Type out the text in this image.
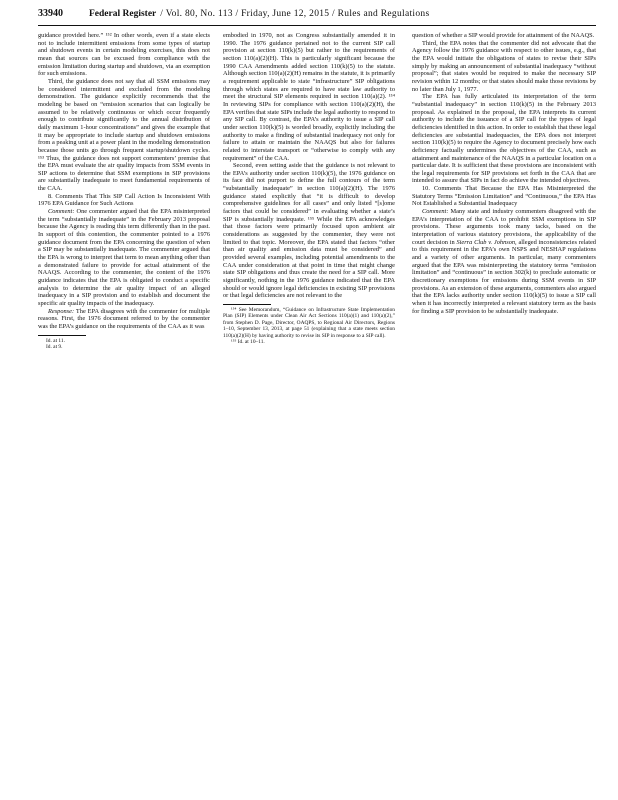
33940	Federal Register / Vol. 80, No. 113 / Friday, June 12, 2015 / Rules and Regulations

guidance provided here.” ¹⁵² In other words, even if a state elects not to include intermittent emissions from some types of startup and shutdown events in certain modeling exercises, this does not mean that sources can be excused from compliance with the emission limitation during startup and shutdown, via an exemption for such emissions.

Third, the guidance does not say that all SSM emissions may be considered intermittent and excluded from the modeling demonstration. The guidance explicitly recommends that the modeling be based on “emission scenarios that can logically be assumed to be relatively continuous or which occur frequently enough to contribute significantly to the annual distribution of daily maximum 1-hour concentrations” and gives the example that it may be appropriate to include startup and shutdown emissions from a peaking unit at a power plant in the modeling demonstration because those units go through frequent startup/shutdown cycles. ¹⁵³ Thus, the guidance does not support commenters’ premise that the EPA must evaluate the air quality impacts from SSM events in SIP actions to determine that SSM exemptions in SIP provisions are substantially inadequate to meet fundamental requirements of the CAA.

8. Comments That This SIP Call Action Is Inconsistent With 1976 EPA Guidance for Such Actions

Comment: One commenter argued that the EPA misinterpreted the term “substantially inadequate” in the February 2013 proposal because the Agency is reading this term differently than in the past. In support of this contention, the commenter pointed to a 1976 guidance document from the EPA concerning the question of when a SIP may be substantially inadequate. The commenter argued that the EPA is wrong to interpret that term to mean anything other than a demonstrated failure to provide for actual attainment of the NAAQS. According to the commenter, the content of the 1976 guidance indicates that the EPA is obligated to conduct a specific analysis to determine the air quality impact of an alleged inadequacy in a SIP provision and to establish and document the specific air quality impacts of the inadequacy.

Response: The EPA disagrees with the commenter for multiple reasons. First, the 1976 document referred to by the commenter was the EPA’s guidance on the requirements of the CAA as it was

Id. at 11.

Id. at 9.

embodied in 1970, not as Congress substantially amended it in 1990. The 1976 guidance pertained not to the current SIP call provision at section 110(k)(5) but rather to the requirements of section 110(a)(2)(H). This is particularly significant because the 1990 CAA Amendments added section 110(k)(5) to the statute. Although section 110(a)(2)(H) remains in the statute, it is primarily a requirement applicable to state “infrastructure” SIP obligations through which states are required to have state law authority to meet the structural SIP elements required in section 110(a)(2). ¹⁵⁴ In reviewing SIPs for compliance with section 110(a)(2)(H), the EPA verifies that state SIPs include the legal authority to respond to any SIP call. By contrast, the EPA’s authority to issue a SIP call under section 110(k)(5) is worded broadly, explicitly including the authority to make a finding of substantial inadequacy not only for failure to attain or maintain the NAAQS but also for failures related to interstate transport or “otherwise to comply with any requirement” of the CAA.

Second, even setting aside that the guidance is not relevant to the EPA’s authority under section 110(k)(5), the 1976 guidance on its face did not purport to define the full contours of the term “substantially inadequate” in section 110(a)(2)(H). The 1976 guidance stated explicitly that “it is difficult to develop comprehensive guidelines for all cases” and only listed “[s]ome factors that could be considered” in evaluating whether a state’s SIP is substantially inadequate. ¹⁵⁵ While the EPA acknowledges that those factors were primarily focused upon ambient air considerations as suggested by the commenter, they were not limited to that topic. Moreover, the EPA stated that factors “other than air quality and emission data must be considered” and provided several examples, including potential amendments to the CAA under consideration at that point in time that might change state SIP obligations and thus create the need for a SIP call. More significantly, nothing in the 1976 guidance indicated that the EPA should or would ignore legal deficiencies in existing SIP provisions or that legal deficiencies are not relevant to the

¹⁵⁴ See Memorandum, “Guidance on Infrastructure State Implementation Plan (SIP) Elements under Clean Air Act Sections 110(a)(1) and 110(a)(2),” from Stephen D. Page, Director, OAQPS, to Regional Air Directors, Regions 1–10, September 13, 2013, at page 51 (explaining that a state meets section 110(a)(2)(H) by having authority to revise its SIP in response to a SIP call).

¹⁵⁵ Id. at 10–11.

question of whether a SIP would provide for attainment of the NAAQS.

Third, the EPA notes that the commenter did not advocate that the Agency follow the 1976 guidance with respect to other issues, e.g., that the EPA would initiate the obligations of states to revise their SIPs simply by making an announcement of substantial inadequacy “without proposal”; that states would be required to make the necessary SIP revision within 12 months; or that states should make those revisions by no later than July 1, 1977.

The EPA has fully articulated its interpretation of the term “substantial inadequacy” in section 110(k)(5) in the February 2013 proposal. As explained in the proposal, the EPA interprets its current authority to include the issuance of a SIP call for the types of legal deficiencies identified in this action. In order to establish that these legal deficiencies are substantial inadequacies, the EPA does not interpret section 110(k)(5) to require the Agency to document precisely how each deficiency factually undermines the objectives of the CAA, such as attainment and maintenance of the NAAQS in a particular location on a particular date. It is sufficient that these provisions are inconsistent with the legal requirements for SIP provisions set forth in the CAA that are intended to assure that SIPs in fact do achieve the intended objectives.

10. Comments That Because the EPA Has Misinterpreted the Statutory Terms “Emission Limitation” and “Continuous,” the EPA Has Not Established a Substantial Inadequacy

Comment: Many state and industry commenters disagreed with the EPA’s interpretation of the CAA to prohibit SSM exemptions in SIP provisions. These arguments took many tacks, based on the interpretation of various statutory provisions, the applicability of the court decision in Sierra Club v. Johnson, alleged inconsistencies related to this requirement in the EPA’s own NSPS and NESHAP regulations and a variety of other arguments. In particular, many commenters argued that the EPA was misinterpreting the statutory terms “emission limitation” and “continuous” in section 302(k) to preclude automatic or discretionary exemptions for emissions during SSM events in SIP provisions. As an extension of these arguments, commenters also argued that the EPA lacks authority under section 110(k)(5) to issue a SIP call when it has incorrectly interpreted a relevant statutory term as the basis for finding a SIP provision to be substantially inadequate.
